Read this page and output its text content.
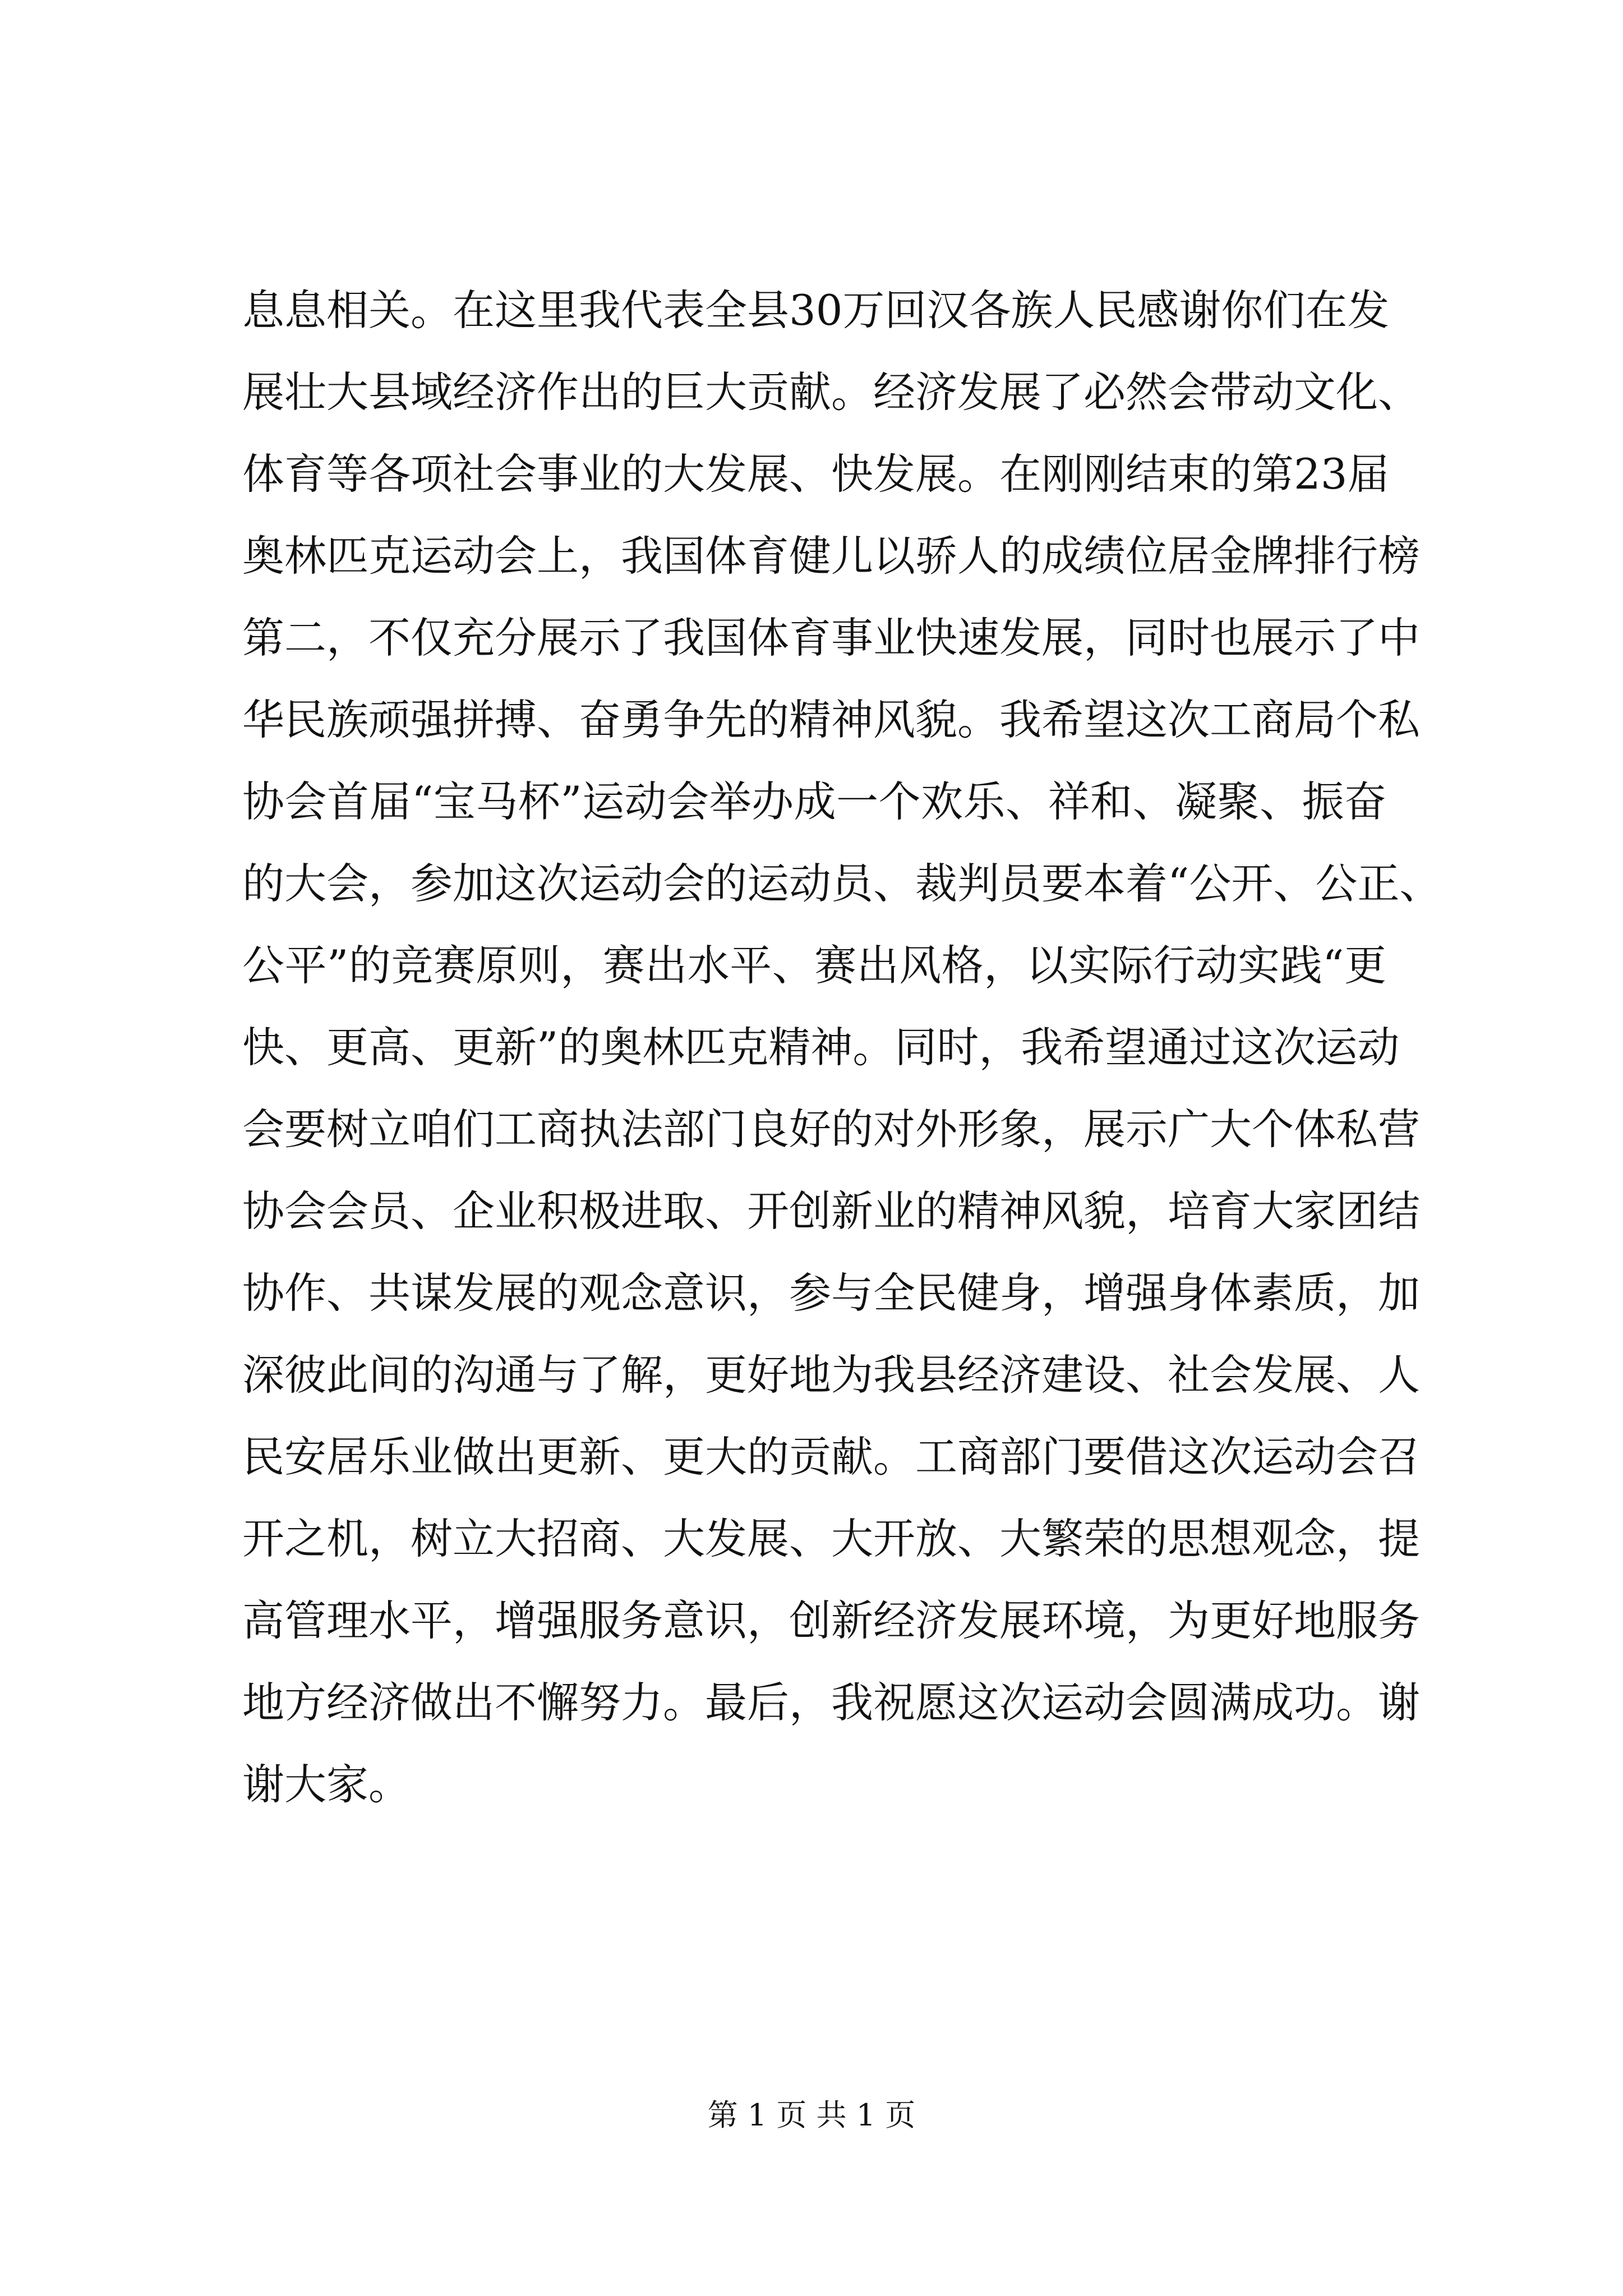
息息相关。在这里我代表全县30万回汉各族人民感谢你们在发
展壮大县域经济作出的巨大贡献。经济发展了必然会带动文化、
体育等各项社会事业的大发展、快发展。在刚刚结束的第23届
奥林匹克运动会上，我国体育健儿以骄人的成绩位居金牌排行榜
第二，不仅充分展示了我国体育事业快速发展，同时也展示了中
华民族顽强拼搏、奋勇争先的精神风貌。我希望这次工商局个私
协会首届“宝马杯”运动会举办成一个欢乐、祥和、凝聚、振奋
的大会，参加这次运动会的运动员、裁判员要本着“公开、公正、
公平”的竞赛原则，赛出水平、赛出风格，以实际行动实践“更
快、更高、更新”的奥林匹克精神。同时，我希望通过这次运动
会要树立咱们工商执法部门良好的对外形象，展示广大个体私营
协会会员、企业积极进取、开创新业的精神风貌，培育大家团结
协作、共谋发展的观念意识，参与全民健身，增强身体素质，加
深彼此间的沟通与了解，更好地为我县经济建设、社会发展、人
民安居乐业做出更新、更大的贡献。工商部门要借这次运动会召
开之机，树立大招商、大发展、大开放、大繁荣的思想观念，提
高管理水平，增强服务意识，创新经济发展环境，为更好地服务
地方经济做出不懈努力。最后，我祝愿这次运动会圆满成功。谢
谢大家。
第 1 页 共 1 页
